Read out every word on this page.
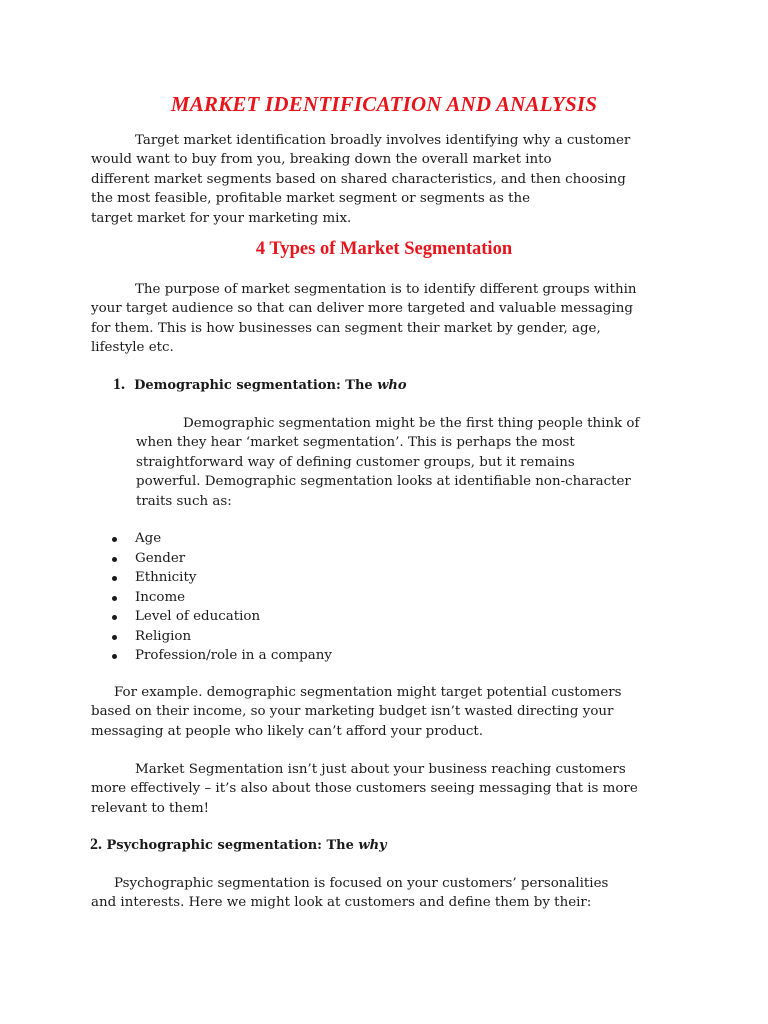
MARKET IDENTIFICATION AND ANALYSIS

Target market identification broadly involves identifying why a customer
would want to buy from you, breaking down the overall market into
different market segments based on shared characteristics, and then choosing
the most feasible, profitable market segment or segments as the
target market for your marketing mix.

4 Types of Market Segmentation

The purpose of market segmentation is to identify different groups within
your target audience so that can deliver more targeted and valuable messaging
for them. This is how businesses can segment their market by gender, age,
lifestyle etc.

1. Demographic segmentation: The who

Demographic segmentation might be the first thing people think of
when they hear ‘market segmentation’. This is perhaps the most
straightforward way of defining customer groups, but it remains
powerful. Demographic segmentation looks at identifiable non-character
traits such as:

Age
Gender
Ethnicity
Income
Level of education
Religion
Profession/role in a company

For example. demographic segmentation might target potential customers
based on their income, so your marketing budget isn’t wasted directing your
messaging at people who likely can’t afford your product.

Market Segmentation isn’t just about your business reaching customers
more effectively – it’s also about those customers seeing messaging that is more
relevant to them!

2. Psychographic segmentation: The why

Psychographic segmentation is focused on your customers’ personalities
and interests. Here we might look at customers and define them by their:
